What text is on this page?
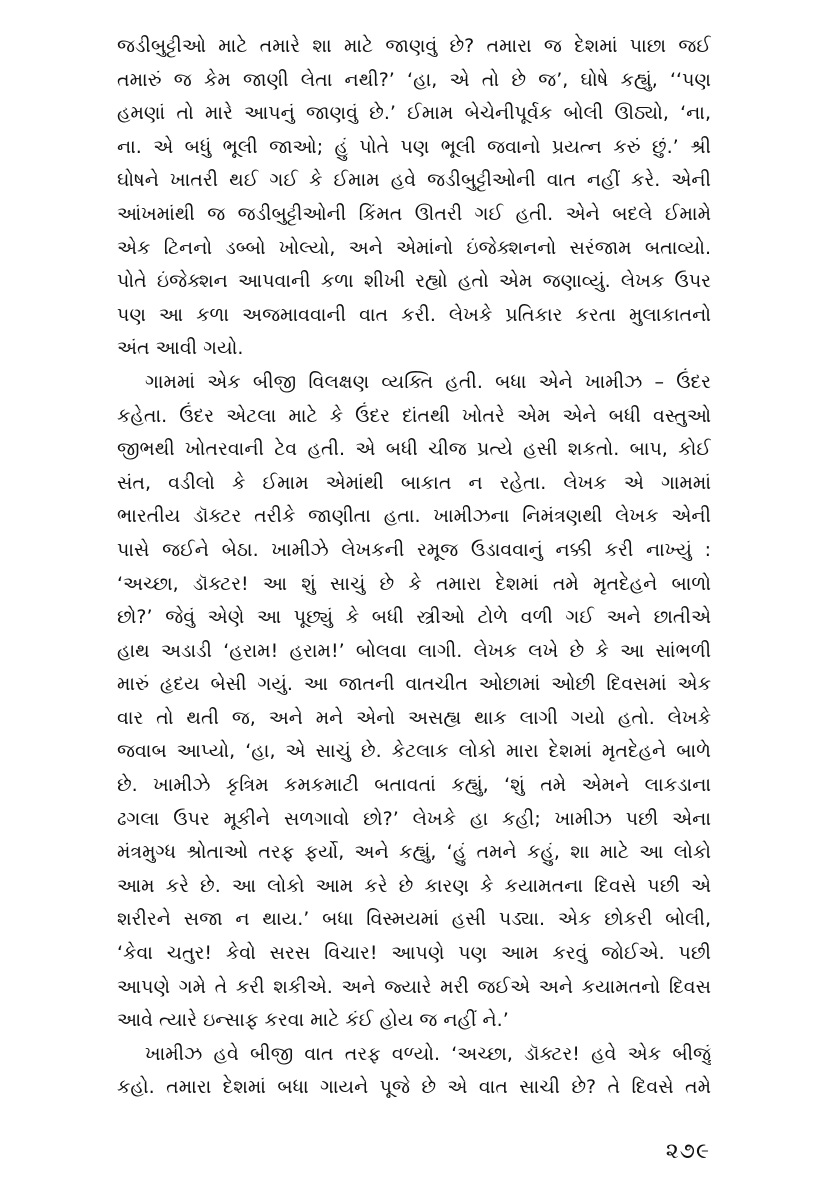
જડીબુટ્ટીઓ માટે તમારે શા માટે જાણવું છે? તમારા જ દેશમાં પાછા જઈ
તમારું જ કેમ જાણી લેતા નથી?’ ‘હા, એ તો છે જ’, ઘોષે કહ્યું, ‘‘પણ
હમણાં તો મારે આપનું જાણવું છે.’ ઈમામ બેચેનીપૂર્વક બોલી ઊઠ્યો, ‘ના,
ના. એ બધું ભૂલી જાઓ; હું પોતે પણ ભૂલી જવાનો પ્રયત્ન કરું છું.’ શ્રી
ઘોષને ખાતરી થઈ ગઈ કે ઈમામ હવે જડીબુટ્ટીઓની વાત નહીં કરે. એની
આંખમાંથી જ જડીબુટ્ટીઓની કિંમત ઊતરી ગઈ હતી. એને બદલે ઈમામે
એક ટિનનો ડબ્બો ખોલ્યો, અને એમાંનો ઇંજેક્શનનો સરંજામ બતાવ્યો.
પોતે ઇંજેક્શન આપવાની કળા શીખી રહ્યો હતો એમ જણાવ્યું. લેખક ઉપર
પણ આ કળા અજમાવવાની વાત કરી. લેખકે પ્રતિકાર કરતા મુલાકાતનો
અંત આવી ગયો.
ગામમાં એક બીજી વિલક્ષણ વ્યક્તિ હતી. બધા એને ખામીઝ – ઉંદર
કહેતા. ઉંદર એટલા માટે કે ઉંદર દાંતથી ખોતરે એમ એને બધી વસ્તુઓ
જીભથી ખોતરવાની ટેવ હતી. એ બધી ચીજ પ્રત્યે હસી શકતો. બાપ, કોઈ
સંત, વડીલો કે ઈમામ એમાંથી બાકાત ન રહેતા. લેખક એ ગામમાં
ભારતીય ડૉક્ટર તરીકે જાણીતા હતા. ખામીઝના નિમંત્રણથી લેખક એની
પાસે જઈને બેઠા. ખામીઝે લેખકની રમૂજ ઉડાવવાનું નક્કી કરી નાખ્યું :
‘અચ્છા, ડૉક્ટર! આ શું સાચું છે કે તમારા દેશમાં તમે મૃતદેહને બાળો
છો?’ જેવું એણે આ પૂછ્યું કે બધી સ્ત્રીઓ ટોળે વળી ગઈ અને છાતીએ
હાથ અડાડી ‘હરામ! હરામ!’ બોલવા લાગી. લેખક લખે છે કે આ સાંભળી
મારું હૃદય બેસી ગયું. આ જાતની વાતચીત ઓછામાં ઓછી દિવસમાં એક
વાર તો થતી જ, અને મને એનો અસહ્ય થાક લાગી ગયો હતો. લેખકે
જવાબ આપ્યો, ‘હા, એ સાચું છે. કેટલાક લોકો મારા દેશમાં મૃતદેહને બાળે
છે. ખામીઝે કૃત્રિમ કમકમાટી બતાવતાં કહ્યું, ‘શું તમે એમને લાકડાના
ઢગલા ઉપર મૂકીને સળગાવો છો?’ લેખકે હા કહી; ખામીઝ પછી એના
મંત્રમુગ્ધ શ્રોતાઓ તરફ ફર્યો, અને કહ્યું, ‘હું તમને કહું, શા માટે આ લોકો
આમ કરે છે. આ લોકો આમ કરે છે કારણ કે કયામતના દિવસે પછી એ
શરીરને સજા ન થાય.’ બધા વિસ્મયમાં હસી પડ્યા. એક છોકરી બોલી,
‘કેવા ચતુર! કેવો સરસ વિચાર! આપણે પણ આમ કરવું જોઈએ. પછી
આપણે ગમે તે કરી શકીએ. અને જ્યારે મરી જઈએ અને કયામતનો દિવસ
આવે ત્યારે ઇન્સાફ કરવા માટે કંઈ હોય જ નહીં ને.’
ખામીઝ હવે બીજી વાત તરફ વળ્યો. ‘અચ્છા, ડૉક્ટર! હવે એક બીજું
કહો. તમારા દેશમાં બધા ગાયને પૂજે છે એ વાત સાચી છે? તે દિવસે તમે
૨૭૯
